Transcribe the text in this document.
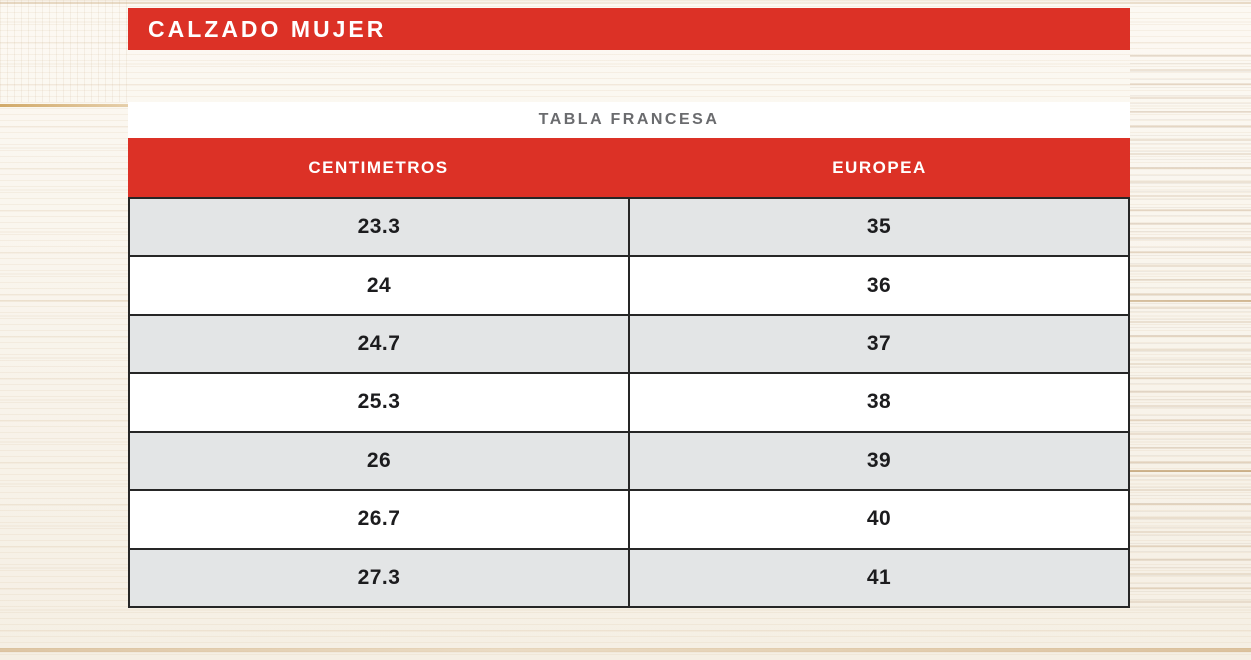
CALZADO MUJER
TABLA FRANCESA
CENTIMETROS	EUROPEA
23.3	35
24	36
24.7	37
25.3	38
26	39
26.7	40
27.3	41
